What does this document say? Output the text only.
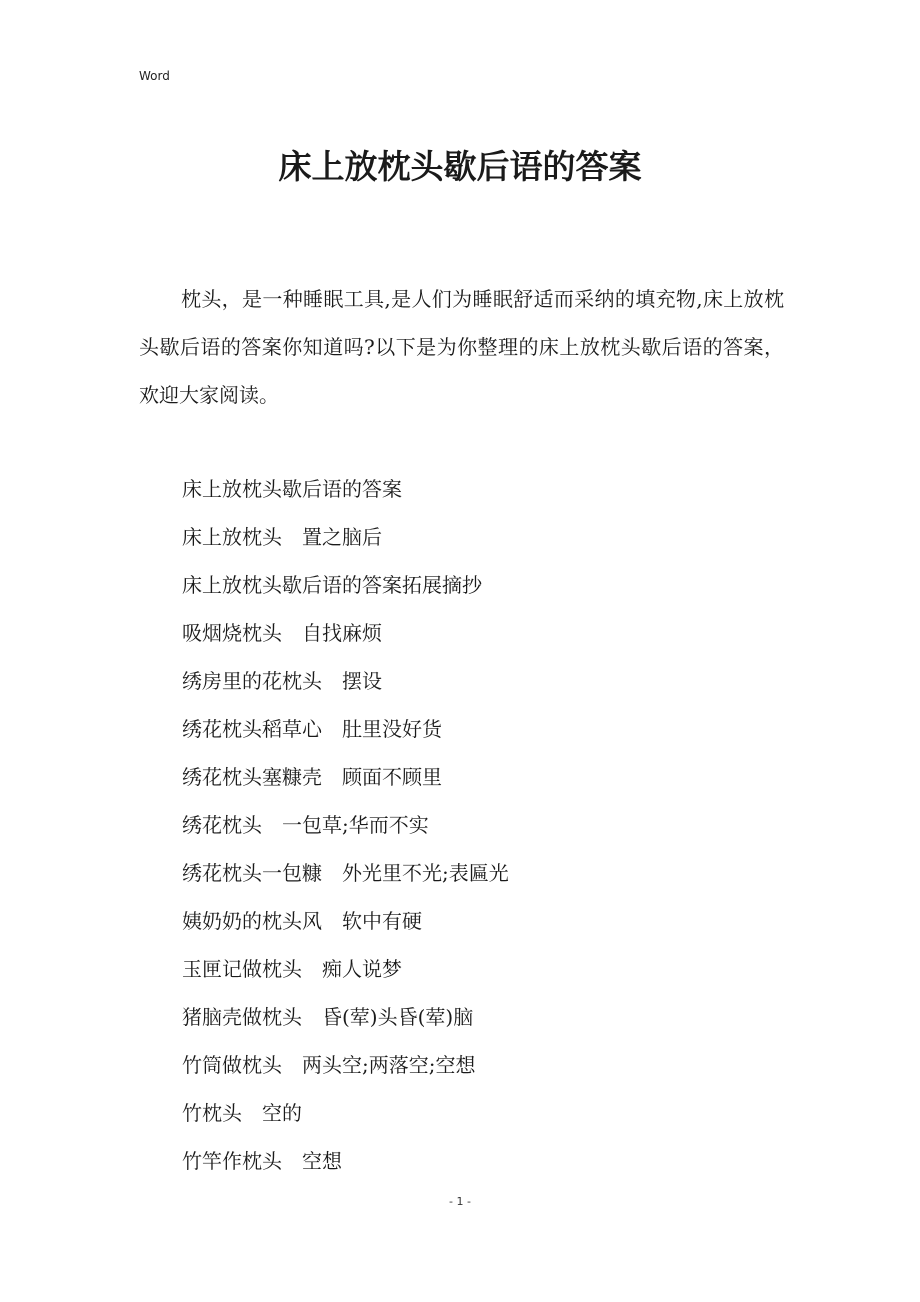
Word
床上放枕头歇后语的答案

枕头，是一种睡眠工具,是人们为睡眠舒适而采纳的填充物,床上放枕头歇后语的答案你知道吗?以下是为你整理的床上放枕头歇后语的答案，欢迎大家阅读。

床上放枕头歇后语的答案
床上放枕头　置之脑后
床上放枕头歇后语的答案拓展摘抄
吸烟烧枕头　自找麻烦
绣房里的花枕头　摆设
绣花枕头稻草心　肚里没好货
绣花枕头塞糠壳　顾面不顾里
绣花枕头　一包草;华而不实
绣花枕头一包糠　外光里不光;表匾光
姨奶奶的枕头风　软中有硬
玉匣记做枕头　痴人说梦
猪脑壳做枕头　昏(荤)头昏(荤)脑
竹筒做枕头　两头空;两落空;空想
竹枕头　空的
竹竿作枕头　空想
- 1 -
